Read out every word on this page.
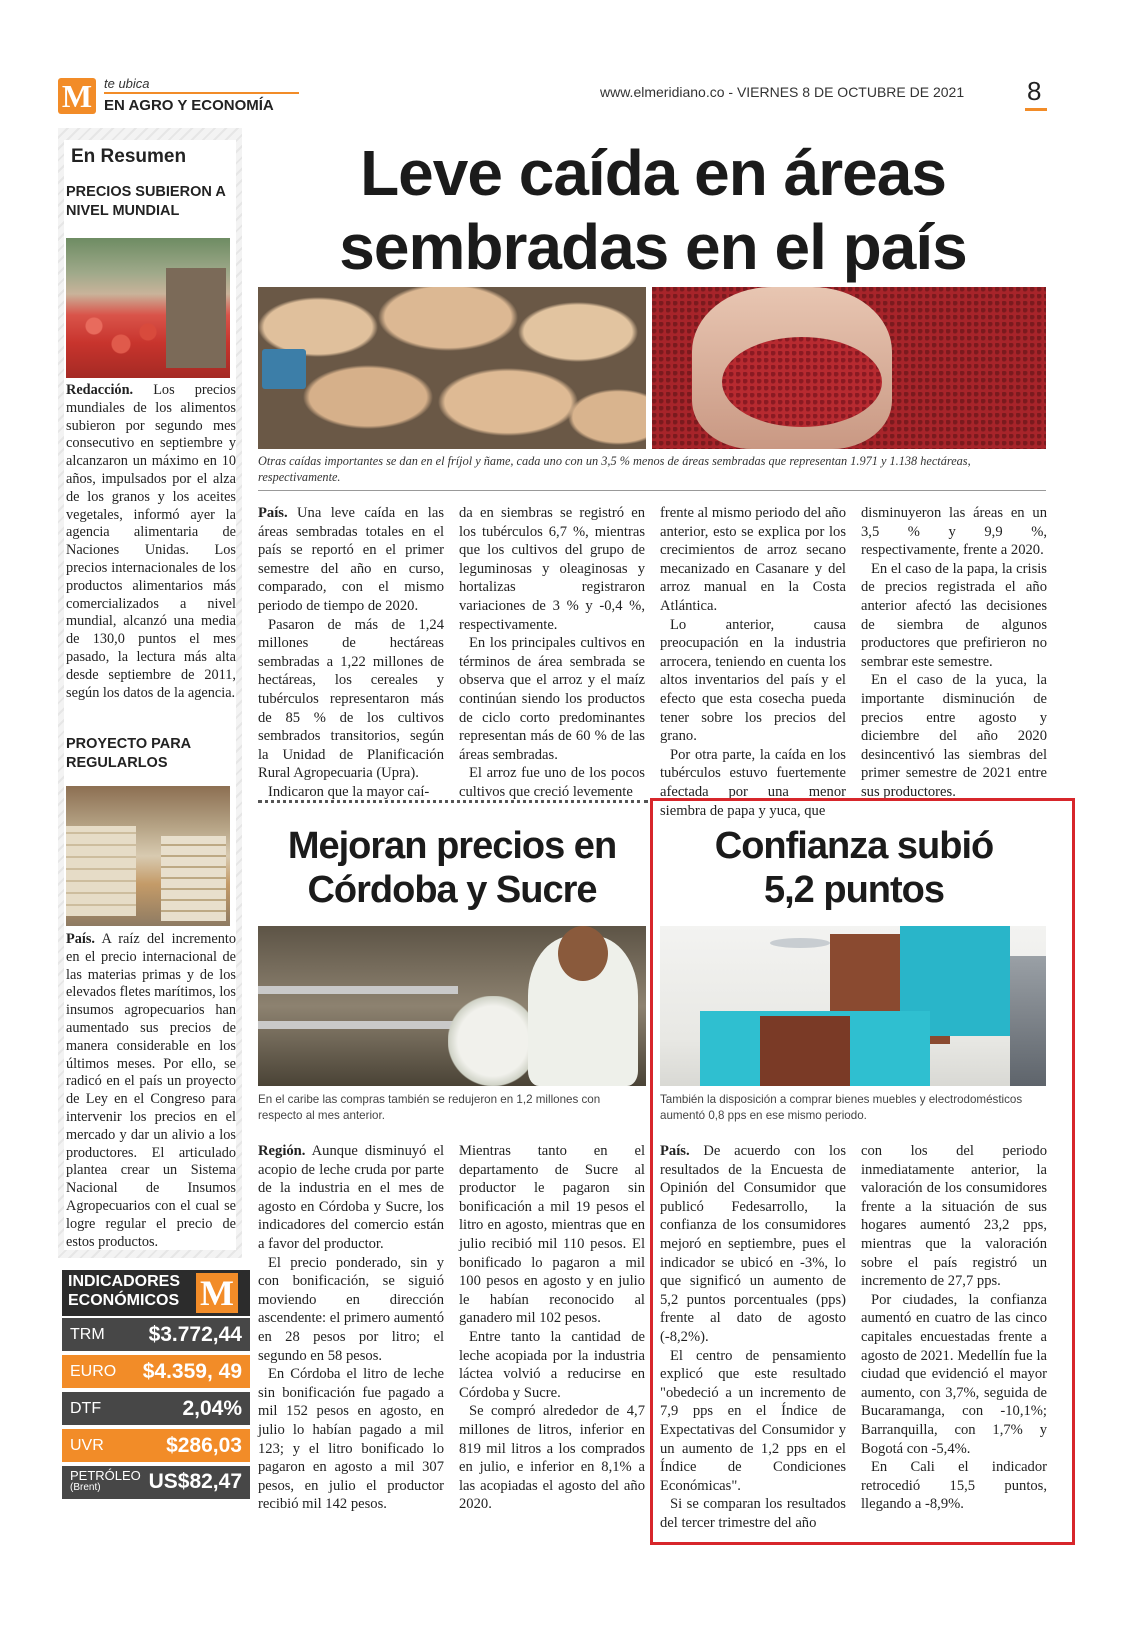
M te ubica
EN AGRO Y ECONOMÍA
www.elmeridiano.co - VIERNES 8 DE OCTUBRE DE 2021 8
En Resumen
PRECIOS SUBIERON A NIVEL MUNDIAL
Redacción. Los precios mundiales de los alimentos subieron por segundo mes consecutivo en septiembre y alcanzaron un máximo en 10 años, impulsados por el alza de los granos y los aceites vegetales, informó ayer la agencia alimentaria de Naciones Unidas. Los precios internacionales de los productos alimentarios más comercializados a nivel mundial, alcanzó una media de 130,0 puntos el mes pasado, la lectura más alta desde septiembre de 2011, según los datos de la agencia.
PROYECTO PARA REGULARLOS
País. A raíz del incremento en el precio internacional de las materias primas y de los elevados fletes marítimos, los insumos agropecuarios han aumentado sus precios de manera considerable en los últimos meses. Por ello, se radicó en el país un proyecto de Ley en el Congreso para intervenir los precios en el mercado y dar un alivio a los productores. El articulado plantea crear un Sistema Nacional de Insumos Agropecuarios con el cual se logre regular el precio de estos productos.
INDICADORES
ECONÓMICOS M
TRM $3.772,44
EURO $4.359, 49
DTF	2,04%
UVR	$286,03
PETRÓLEO
(Brent)	US$82,47
Leve caída en áreas
sembradas en el país
Otras caídas importantes se dan en el fríjol y ñame, cada uno con un 3,5 % menos de áreas sembradas que representan 1.971 y 1.138 hectáreas, respectivamente.

País. Una leve caída en las áreas sembradas totales en el país se reportó en el primer semestre del año en curso, comparado, con el mismo periodo de tiempo de 2020.

Pasaron de más de 1,24 millones de hectáreas sembradas a 1,22 millones de hectáreas, los cereales y tubérculos representaron más de 85 % de los cultivos sembrados transitorios, según la Unidad de Planificación Rural Agropecuaria (Upra).

Indicaron que la mayor caí-

da en siembras se registró en los tubérculos 6,7 %, mientras que los cultivos del grupo de leguminosas y oleaginosas y hortalizas registraron variaciones de 3 % y -0,4 %, respectivamente.

En los principales cultivos en términos de área sembrada se observa que el arroz y el maíz continúan siendo los productos de ciclo corto predominantes representan más de 60 % de las áreas sembradas.

El arroz fue uno de los pocos cultivos que creció levemente

frente al mismo periodo del año anterior, esto se explica por los crecimientos de arroz secano mecanizado en Casanare y del arroz manual en la Costa Atlántica.

Lo anterior, causa preocupación en la industria arrocera, teniendo en cuenta los altos inventarios del país y el efecto que esta cosecha pueda tener sobre los precios del grano.

Por otra parte, la caída en los tubérculos estuvo fuertemente afectada por una menor siembra de papa y yuca, que

disminuyeron las áreas en un 3,5 % y 9,9 %, respectivamente, frente a 2020.

En el caso de la papa, la crisis de precios registrada el año anterior afectó las decisiones de siembra de algunos productores que prefirieron no sembrar este semestre.

En el caso de la yuca, la importante disminución de precios entre agosto y diciembre del año 2020 desincentivó las siembras del primer semestre de 2021 entre sus productores.

Mejoran precios en
Córdoba y Sucre
En el caribe las compras también se redujeron en 1,2 millones con respecto al mes anterior.

Región. Aunque disminuyó el acopio de leche cruda por parte de la industria en el mes de agosto en Córdoba y Sucre, los indicadores del comercio están a favor del productor.

El precio ponderado, sin y con bonificación, se siguió moviendo en dirección ascendente: el primero aumentó en 28 pesos por litro; el segundo en 58 pesos.

En Córdoba el litro de leche sin bonificación fue pagado a mil 152 pesos en agosto, en julio lo habían pagado a mil 123; y el litro bonificado lo pagaron en agosto a mil 307 pesos, en julio el productor recibió mil 142 pesos.

Mientras tanto en el departamento de Sucre al productor le pagaron sin bonificación a mil 19 pesos el litro en agosto, mientras que en julio recibió mil 110 pesos. El bonificado lo pagaron a mil 100 pesos en agosto y en julio le habían reconocido al ganadero mil 102 pesos.

Entre tanto la cantidad de leche acopiada por la industria láctea volvió a reducirse en Córdoba y Sucre.

Se compró alrededor de 4,7 millones de litros, inferior en 819 mil litros a los comprados en julio, e inferior en 8,1% a las acopiadas el agosto del año 2020.

Confianza subió
5,2 puntos
También la disposición a comprar bienes muebles y electrodomésticos aumentó 0,8 pps en ese mismo periodo.

País. De acuerdo con los resultados de la Encuesta de Opinión del Consumidor que publicó Fedesarrollo, la confianza de los consumidores mejoró en septiembre, pues el indicador se ubicó en -3%, lo que significó un aumento de 5,2 puntos porcentuales (pps) frente al dato de agosto (-8,2%).

El centro de pensamiento explicó que este resultado "obedeció a un incremento de 7,9 pps en el Índice de Expectativas del Consumidor y un aumento de 1,2 pps en el Índice de Condiciones Económicas".

Si se comparan los resultados del tercer trimestre del año

con los del periodo inmediatamente anterior, la valoración de los consumidores frente a la situación de sus hogares aumentó 23,2 pps, mientras que la valoración sobre el país registró un incremento de 27,7 pps.

Por ciudades, la confianza aumentó en cuatro de las cinco capitales encuestadas frente a agosto de 2021. Medellín fue la ciudad que evidenció el mayor aumento, con 3,7%, seguida de Bucaramanga, con -10,1%; Barranquilla, con 1,7% y Bogotá con -5,4%.

En Cali el indicador retrocedió 15,5 puntos, llegando a -8,9%.
